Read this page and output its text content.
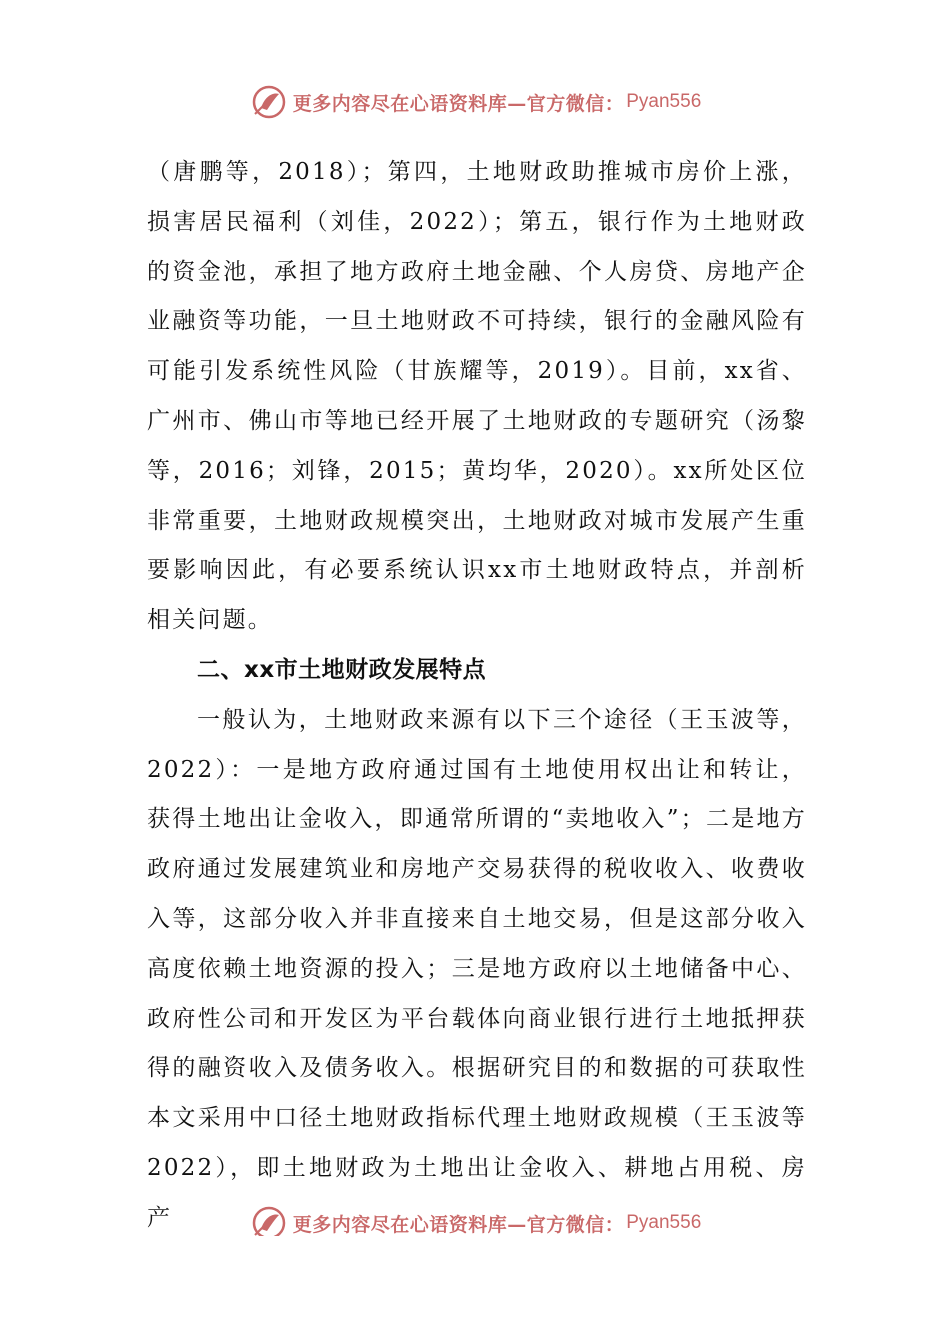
更多内容尽在心语资料库—官方微信： Pyan556

（唐鹏等，2018）；第四，土地财政助推城市房价上涨，损害居民福利（刘佳，2022）；第五，银行作为土地财政的资金池，承担了地方政府土地金融、个人房贷、房地产企业融资等功能，一旦土地财政不可持续，银行的金融风险有可能引发系统性风险（甘族耀等，2019）。目前，xx省、广州市、佛山市等地已经开展了土地财政的专题研究（汤黎等，2016；刘锋，2015；黄均华，2020）。xx所处区位非常重要，土地财政规模突出，土地财政对城市发展产生重要影响因此，有必要系统认识xx市土地财政特点，并剖析相关问题。

二、xx市土地财政发展特点

一般认为，土地财政来源有以下三个途径（王玉波等，2022）：一是地方政府通过国有土地使用权出让和转让，获得土地出让金收入，即通常所谓的“卖地收入”；二是地方政府通过发展建筑业和房地产交易获得的税收收入、收费收入等，这部分收入并非直接来自土地交易，但是这部分收入高度依赖土地资源的投入；三是地方政府以土地储备中心、政府性公司和开发区为平台载体向商业银行进行土地抵押获得的融资收入及债务收入。根据研究目的和数据的可获取性本文采用中口径土地财政指标代理土地财政规模（王玉波等2022），即土地财政为土地出让金收入、耕地占用税、房产	更多内容尽在心语资料库—官方微信： Pyan556
